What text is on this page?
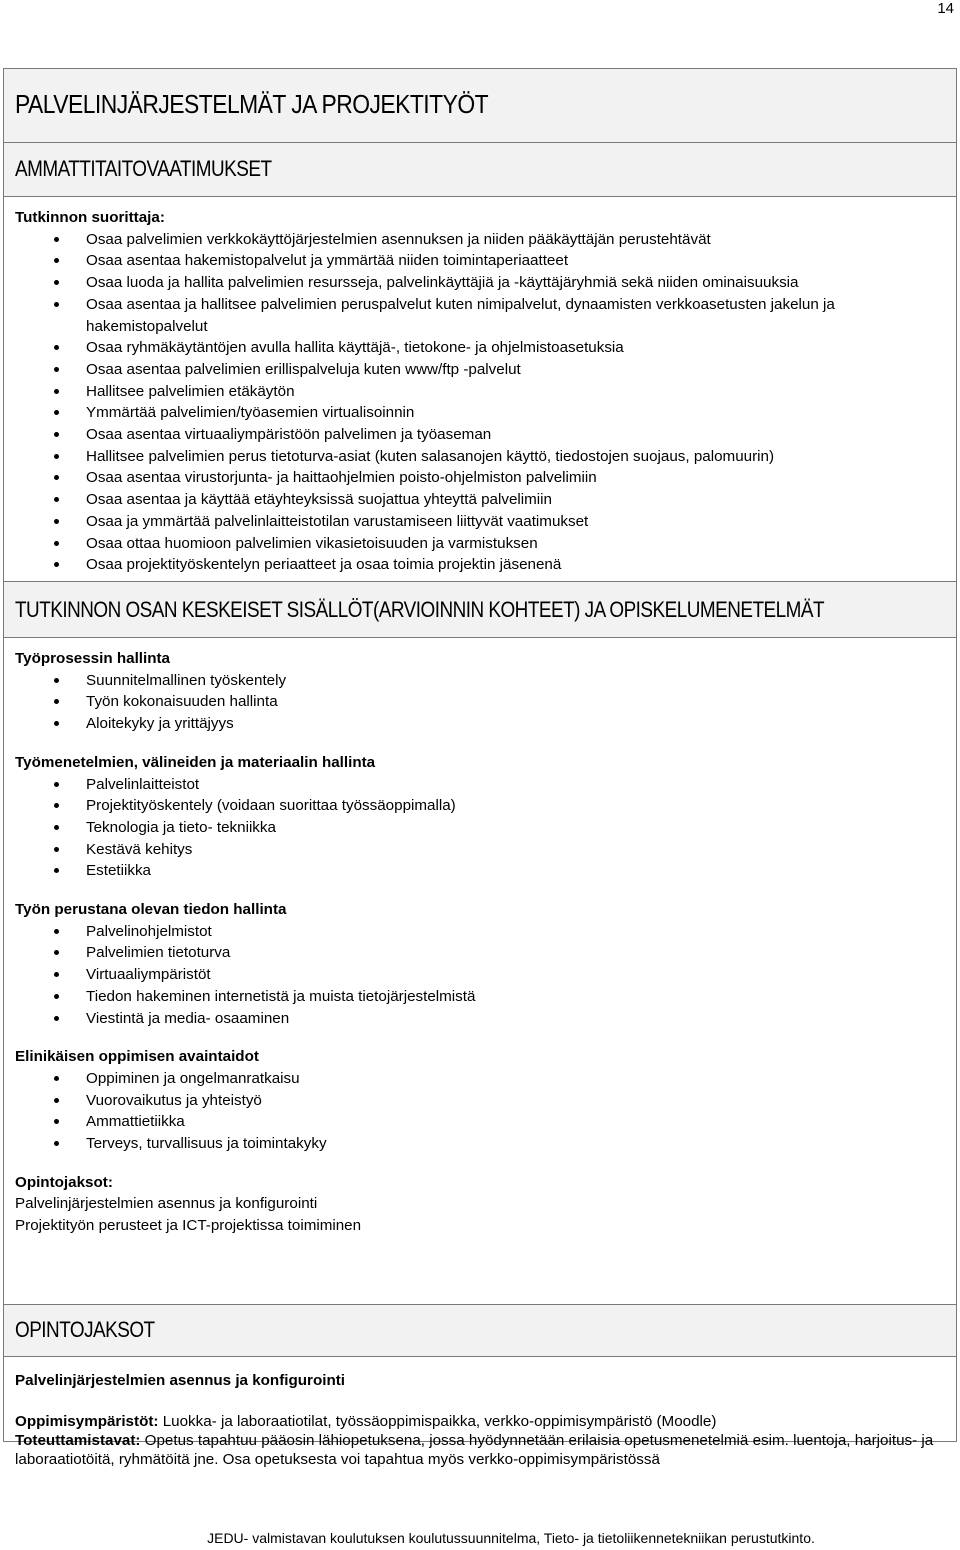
14
PALVELINJÄRJESTELMÄT JA PROJEKTITYÖT
AMMATTITAITOVAATIMUKSET
Tutkinnon suorittaja:
Osaa palvelimien verkkokäyttöjärjestelmien asennuksen ja niiden pääkäyttäjän perustehtävät
Osaa asentaa hakemistopalvelut ja ymmärtää niiden toimintaperiaatteet
Osaa luoda ja hallita palvelimien resursseja, palvelinkäyttäjiä ja -käyttäjäryhmiä sekä niiden ominaisuuksia
Osaa asentaa ja hallitsee palvelimien peruspalvelut kuten nimipalvelut, dynaamisten verkkoasetusten jakelun ja hakemistopalvelut
Osaa ryhmäkäytäntöjen avulla hallita käyttäjä-, tietokone- ja ohjelmistoasetuksia
Osaa asentaa palvelimien erillispalveluja kuten www/ftp -palvelut
Hallitsee palvelimien etäkäytön
Ymmärtää palvelimien/työasemien virtualisoinnin
Osaa asentaa virtuaaliympäristöön palvelimen ja työaseman
Hallitsee palvelimien perus tietoturva-asiat (kuten salasanojen käyttö, tiedostojen suojaus, palomuurin)
Osaa asentaa virustorjunta- ja haittaohjelmien poisto-ohjelmiston palvelimiin
Osaa asentaa ja käyttää etäyhteyksissä suojattua yhteyttä palvelimiin
Osaa ja ymmärtää palvelinlaitteistotilan varustamiseen liittyvät vaatimukset
Osaa ottaa huomioon palvelimien vikasietoisuuden ja varmistuksen
Osaa projektityöskentelyn periaatteet ja osaa toimia projektin jäsenenä
TUTKINNON OSAN KESKEISET SISÄLLÖT(ARVIOINNIN KOHTEET) JA OPISKELUMENETELMÄT
Työprosessin hallinta
Suunnitelmallinen työskentely
Työn kokonaisuuden hallinta
Aloitekyky ja yrittäjyys
Työmenetelmien, välineiden ja materiaalin hallinta
Palvelinlaitteistot
Projektityöskentely (voidaan suorittaa työssäoppimalla)
Teknologia ja tieto- tekniikka
Kestävä kehitys
Estetiikka
Työn perustana olevan tiedon hallinta
Palvelinohjelmistot
Palvelimien tietoturva
Virtuaaliympäristöt
Tiedon hakeminen internetistä ja muista tietojärjestelmistä
Viestintä ja media- osaaminen
Elinikäisen oppimisen avaintaidot
Oppiminen ja ongelmanratkaisu
Vuorovaikutus ja yhteistyö
Ammattietiikka
Terveys, turvallisuus ja toimintakyky
Opintojaksot:
Palvelinjärjestelmien asennus ja konfigurointi
Projektityön perusteet ja ICT-projektissa toimiminen
OPINTOJAKSOT
Palvelinjärjestelmien asennus ja konfigurointi
Oppimisympäristöt: Luokka- ja laboraatiotilat, työssäoppimispaikka, verkko-oppimisympäristö (Moodle)
Toteuttamistavat: Opetus tapahtuu pääosin lähiopetuksena, jossa hyödynnetään erilaisia opetusmenetelmiä esim. luentoja, harjoitus- ja laboraatiotöitä, ryhmätöitä jne. Osa opetuksesta voi tapahtua myös verkko-oppimisympäristössä
JEDU- valmistavan koulutuksen koulutussuunnitelma, Tieto- ja tietoliikennetekniikan perustutkinto.
